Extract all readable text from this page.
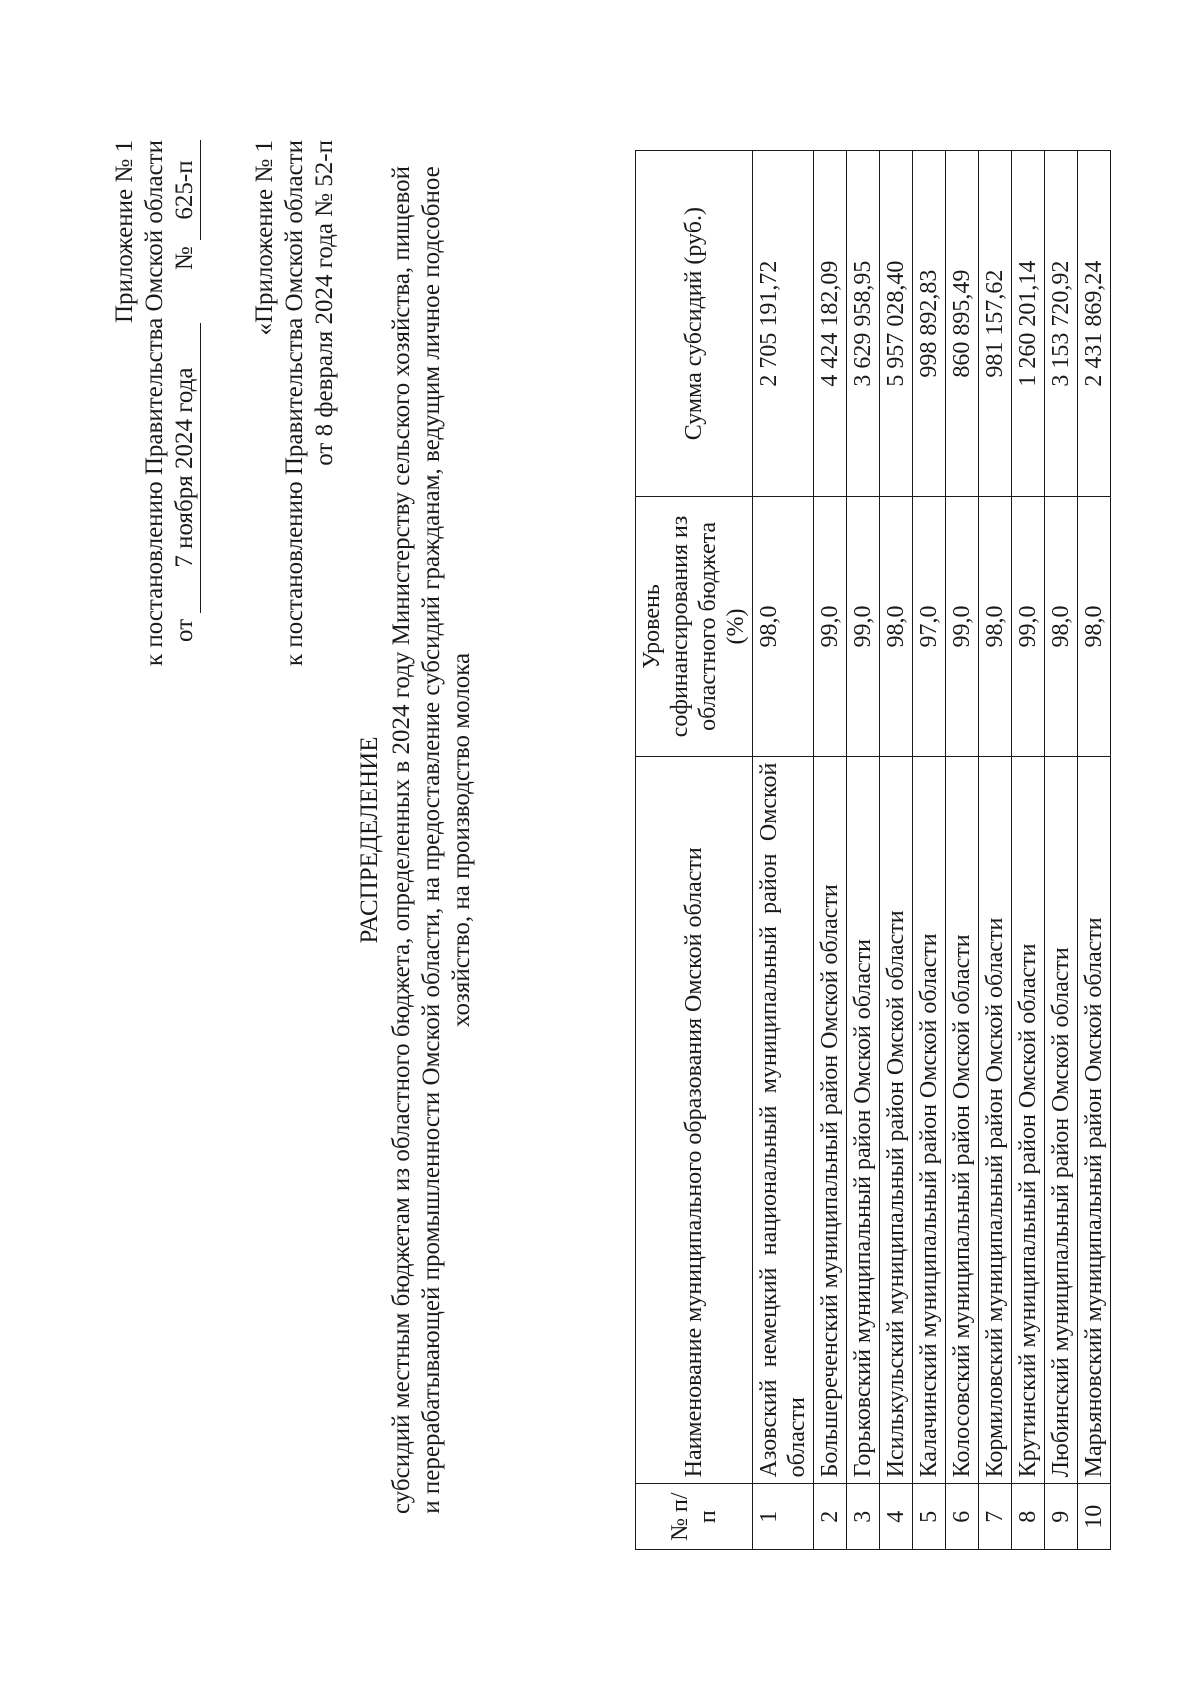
Приложение № 1 к постановлению Правительства Омской области от 7 ноября 2024 года  № 625-п «Приложение № 1 к постановлению Правительства Омской области от 8 февраля 2024 года № 52-п
РАСПРЕДЕЛЕНИЕ субсидий местным бюджетам из областного бюджета, определенных в 2024 году Министерству сельского хозяйства, пищевой и перерабатывающей промышленности Омской области, на предоставление субсидий гражданам, ведущим личное подсобное хозяйство, на производство молока
№ п/п	Наименование муниципального образования Омской области	Уровень софинансирования из областного бюджета (%)	Сумма субсидий (руб.)
1	Азовский немецкий национальный муниципальный район Омской области	98,0	2 705 191,72
2	Большереченский муниципальный район Омской области	99,0	4 424 182,09
3	Горьковский муниципальный район Омской области	99,0	3 629 958,95
4	Исилькульский муниципальный район Омской области	98,0	5 957 028,40
5	Калачинский муниципальный район Омской области	97,0	998 892,83
6	Колосовский муниципальный район Омской области	99,0	860 895,49
7	Кормиловский муниципальный район Омской области	98,0	981 157,62
8	Крутинский муниципальный район Омской области	99,0	1 260 201,14
9	Любинский муниципальный район Омской области	98,0	3 153 720,92
10	Марьяновский муниципальный район Омской области	98,0	2 431 869,24
